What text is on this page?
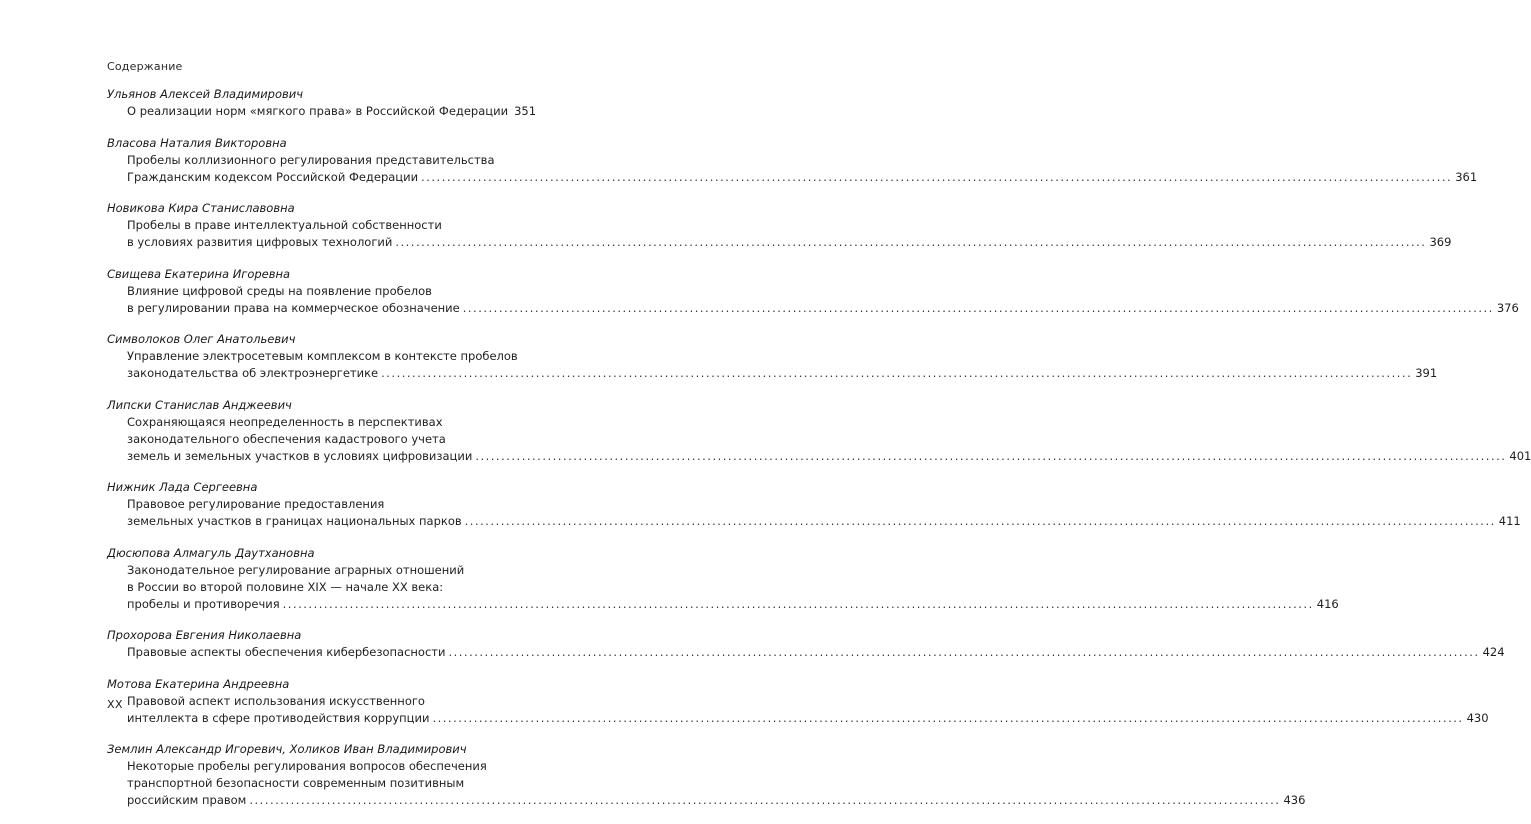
Содержание
Ульянов Алексей Владимирович
О реализации норм «мягкого права» в Российской Федерации 351
Власова Наталия Викторовна
Пробелы коллизионного регулирования представительства
Гражданским кодексом Российской Федерации ........................................................................................................................................................................................................ 361
Новикова Кира Станиславовна
Пробелы в праве интеллектуальной собственности
в условиях развития цифровых технологий ........................................................................................................................................................................................................ 369
Свищева Екатерина Игоревна
Влияние цифровой среды на появление пробелов
в регулировании права на коммерческое обозначение ........................................................................................................................................................................................................ 376
Символоков Олег Анатольевич
Управление электросетевым комплексом в контексте пробелов
законодательства об электроэнергетике ........................................................................................................................................................................................................ 391
Липски Станислав Анджеевич
Сохраняющаяся неопределенность в перспективах
законодательного обеспечения кадастрового учета
земель и земельных участков в условиях цифровизации ........................................................................................................................................................................................................ 401
Нижник Лада Сергеевна
Правовое регулирование предоставления
земельных участков в границах национальных парков ........................................................................................................................................................................................................ 411
Дюсюпова Алмагуль Даутхановна
Законодательное регулирование аграрных отношений
в России во второй половине XIX — начале XX века:
пробелы и противоречия ........................................................................................................................................................................................................ 416
Прохорова Евгения Николаевна
Правовые аспекты обеспечения кибербезопасности ........................................................................................................................................................................................................ 424
Мотова Екатерина Андреевна
Правовой аспект использования искусственного
интеллекта в сфере противодействия коррупции ........................................................................................................................................................................................................ 430
Землин Александр Игоревич, Холиков Иван Владимирович
Некоторые пробелы регулирования вопросов обеспечения
транспортной безопасности современным позитивным
российским правом ........................................................................................................................................................................................................ 436
XX
